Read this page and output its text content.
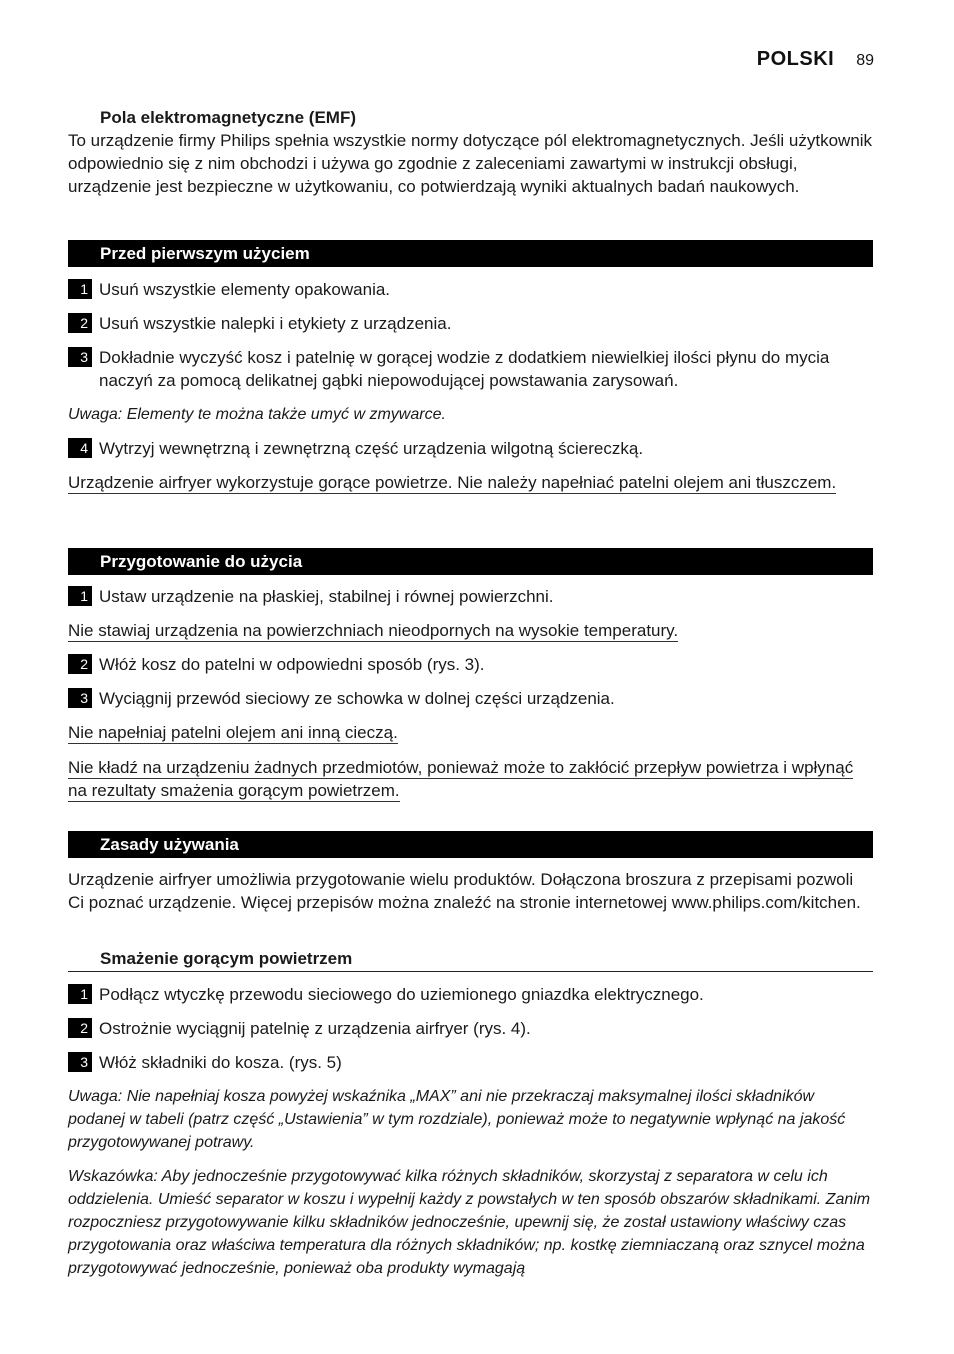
POLSKI 89
Pola elektromagnetyczne (EMF)
To urządzenie firmy Philips spełnia wszystkie normy dotyczące pól elektromagnetycznych. Jeśli użytkownik odpowiednio się z nim obchodzi i używa go zgodnie z zaleceniami zawartymi w instrukcji obsługi, urządzenie jest bezpieczne w użytkowaniu, co potwierdzają wyniki aktualnych badań naukowych.
Przed pierwszym użyciem
1 Usuń wszystkie elementy opakowania.
2 Usuń wszystkie nalepki i etykiety z urządzenia.
3 Dokładnie wyczyść kosz i patelnię w gorącej wodzie z dodatkiem niewielkiej ilości płynu do mycia naczyń za pomocą delikatnej gąbki niepowodującej powstawania zarysowań.
Uwaga: Elementy te można także umyć w zmywarce.
4 Wytrzyj wewnętrzną i zewnętrzną część urządzenia wilgotną ściereczką.
Urządzenie airfryer wykorzystuje gorące powietrze. Nie należy napełniać patelni olejem ani tłuszczem.
Przygotowanie do użycia
1 Ustaw urządzenie na płaskiej, stabilnej i równej powierzchni.
Nie stawiaj urządzenia na powierzchniach nieodpornych na wysokie temperatury.
2 Włóż kosz do patelni w odpowiedni sposób (rys. 3).
3 Wyciągnij przewód sieciowy ze schowka w dolnej części urządzenia.
Nie napełniaj patelni olejem ani inną cieczą.
Nie kładź na urządzeniu żadnych przedmiotów, ponieważ może to zakłócić przepływ powietrza i wpłynąć na rezultaty smażenia gorącym powietrzem.
Zasady używania
Urządzenie airfryer umożliwia przygotowanie wielu produktów. Dołączona broszura z przepisami pozwoli Ci poznać urządzenie. Więcej przepisów można znaleźć na stronie internetowej www.philips.com/kitchen.
Smażenie gorącym powietrzem
1 Podłącz wtyczkę przewodu sieciowego do uziemionego gniazdka elektrycznego.
2 Ostrożnie wyciągnij patelnię z urządzenia airfryer (rys. 4).
3 Włóż składniki do kosza. (rys. 5)
Uwaga: Nie napełniaj kosza powyżej wskaźnika „MAX” ani nie przekraczaj maksymalnej ilości składników podanej w tabeli (patrz część „Ustawienia” w tym rozdziale), ponieważ może to negatywnie wpłynąć na jakość przygotowywanej potrawy.
Wskazówka: Aby jednocześnie przygotowywać kilka różnych składników, skorzystaj z separatora w celu ich oddzielenia. Umieść separator w koszu i wypełnij każdy z powstałych w ten sposób obszarów składnikami. Zanim rozpoczniesz przygotowywanie kilku składników jednocześnie, upewnij się, że został ustawiony właściwy czas przygotowania oraz właściwa temperatura dla różnych składników; np. kostkę ziemniaczaną oraz sznycel można przygotowywać jednocześnie, ponieważ oba produkty wymagają
